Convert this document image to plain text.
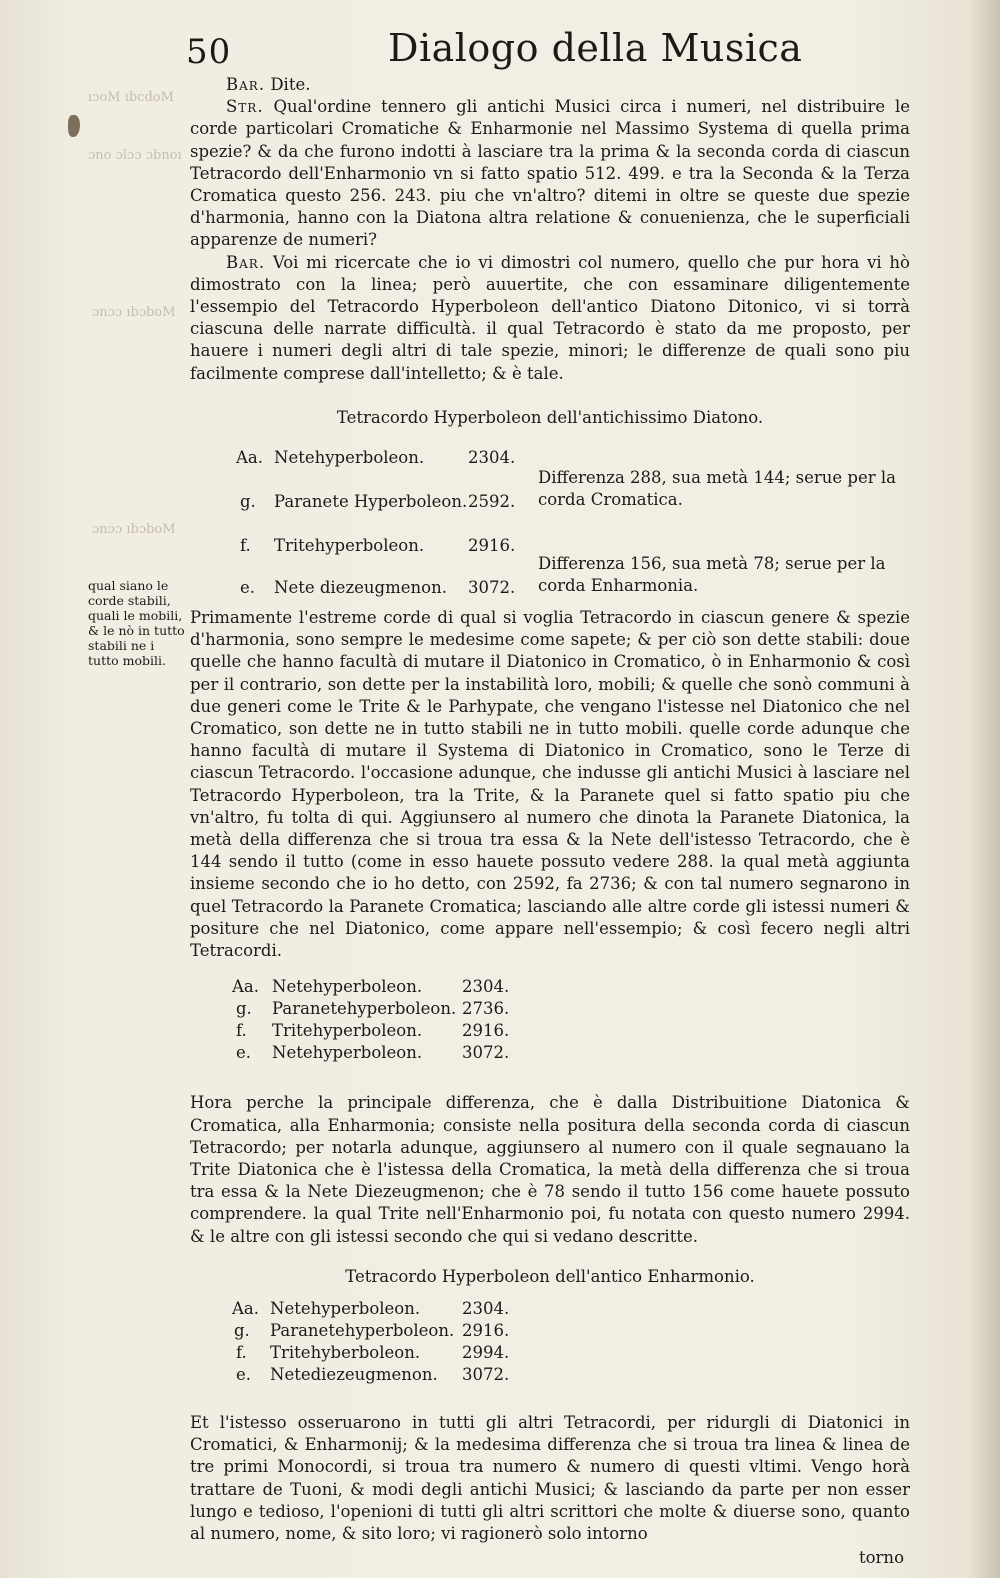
ıɔoM ıbcdoM
ɔno ɔlɔɔ ɔbnoı
ɔnɔɔ ıbɔboM
ɔnɔɔ ıbɔboM
50	Dialogo della Musica
qual siano le corde stabili, quali le mobili, & le nò in tutto stabili ne i tutto mobili.

Bar. Dite.

Str. Qual'ordine tennero gli antichi Musici circa i numeri, nel distribuire le corde particolari Cromatiche & Enharmonie nel Massimo Systema di quella prima spezie? & da che furono indotti à lasciare tra la prima & la seconda corda di ciascun Tetracordo dell'Enharmonio vn si fatto spatio 512. 499. e tra la Seconda & la Terza Cromatica questo 256. 243. piu che vn'altro? ditemi in oltre se queste due spezie d'harmonia, hanno con la Diatona altra relatione & conuenienza, che le superficiali apparenze de numeri?

Bar. Voi mi ricercate che io vi dimostri col numero, quello che pur hora vi hò dimostrato con la linea; però auuertite, che con essaminare diligentemente l'essempio del Tetracordo Hyperboleon dell'antico Diatono Ditonico, vi si torrà ciascuna delle narrate difficultà. il qual Tetracordo è stato da me proposto, per hauere i numeri degli altri di tale spezie, minori; le differenze de quali sono piu facilmente comprese dall'intelletto; & è tale.

Tetracordo Hyperboleon dell'antichissimo Diatono.
Aa. Netehyperboleon.	2304.
g. Paranete Hyperboleon. 2592.
f. Tritehyperboleon.	2916.
e. Nete diezeugmenon. 3072.
Differenza 288, sua metà 144; serue per la corda Cromatica.
Differenza 156, sua metà 78; serue per la corda Enharmonia.

Primamente l'estreme corde di qual si voglia Tetracordo in ciascun genere & spezie d'harmonia, sono sempre le medesime come sapete; & per ciò son dette stabili: doue quelle che hanno facultà di mutare il Diatonico in Cromatico, ò in Enharmonio & così per il contrario, son dette per la instabilità loro, mobili; & quelle che sonò communi à due generi come le Trite & le Parhypate, che vengano l'istesse nel Diatonico che nel Cromatico, son dette ne in tutto stabili ne in tutto mobili. quelle corde adunque che hanno facultà di mutare il Systema di Diatonico in Cromatico, sono le Terze di ciascun Tetracordo. l'occasione adunque, che indusse gli antichi Musici à lasciare nel Tetracordo Hyperboleon, tra la Trite, & la Paranete quel si fatto spatio piu che vn'altro, fu tolta di qui. Aggiunsero al numero che dinota la Paranete Diatonica, la metà della differenza che si troua tra essa & la Nete dell'istesso Tetracordo, che è 144 sendo il tutto (come in esso hauete possuto vedere 288. la qual metà aggiunta insieme secondo che io ho detto, con 2592, fa 2736; & con tal numero segnarono in quel Tetracordo la Paranete Cromatica; lasciando alle altre corde gli istessi numeri & positure che nel Diatonico, come appare nell'essempio; & così fecero negli altri Tetracordi.

Aa. Netehyperboleon. 2304.
g. Paranetehyperboleon. 2736.
f. Tritehyperboleon. 2916.
e. Netehyperboleon. 3072.

Hora perche la principale differenza, che è dalla Distribuitione Diatonica & Cromatica, alla Enharmonia; consiste nella positura della seconda corda di ciascun Tetracordo; per notarla adunque, aggiunsero al numero con il quale segnauano la Trite Diatonica che è l'istessa della Cromatica, la metà della differenza che si troua tra essa & la Nete Diezeugmenon; che è 78 sendo il tutto 156 come hauete possuto comprendere. la qual Trite nell'Enharmonio poi, fu notata con questo numero 2994. & le altre con gli istessi secondo che qui si vedano descritte.

Tetracordo Hyperboleon dell'antico Enharmonio.
Aa. Netehyperboleon.	2304.
g. Paranetehyperboleon. 2916.
f. Tritehyberboleon.	2994.
e. Netediezeugmenon. 3072.

Et l'istesso osseruarono in tutti gli altri Tetracordi, per ridurgli di Diatonici in Cromatici, & Enharmonij; & la medesima differenza che si troua tra linea & linea de tre primi Monocordi, si troua tra numero & numero di questi vltimi. Vengo horà trattare de Tuoni, & modi degli antichi Musici; & lasciando da parte per non esser lungo e tedioso, l'openioni di tutti gli altri scrittori che molte & diuerse sono, quanto al numero, nome, & sito loro; vi ragionerò solo intorno

torno
